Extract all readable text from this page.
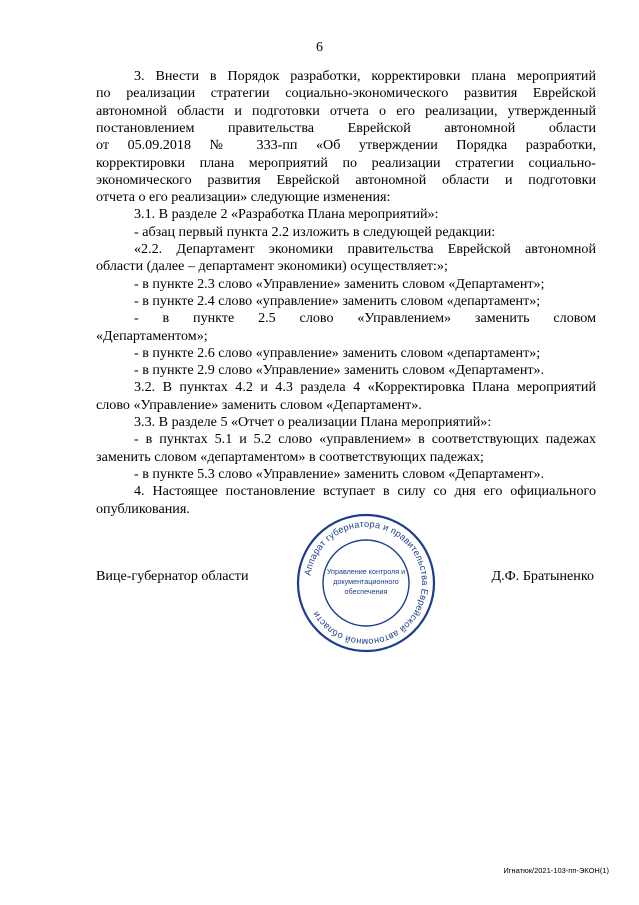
6
3. Внести в Порядок разработки, корректировки плана мероприятий
по реализации стратегии социально-экономического развития Еврейской
автономной области и подготовки отчета о его реализации, утвержденный
постановлением правительства Еврейской автономной области
от 05.09.2018 № 333-пп «Об утверждении Порядка разработки,
корректировки плана мероприятий по реализации стратегии социально-
экономического развития Еврейской автономной области и подготовки
отчета о его реализации» следующие изменения:
3.1. В разделе 2 «Разработка Плана мероприятий»:
- абзац первый пункта 2.2 изложить в следующей редакции:
«2.2. Департамент экономики правительства Еврейской автономной
области (далее – департамент экономики) осуществляет:»;
- в пункте 2.3 слово «Управление» заменить словом «Департамент»;
- в пункте 2.4 слово «управление» заменить словом «департамент»;
- в пункте 2.5 слово «Управлением» заменить словом
«Департаментом»;
- в пункте 2.6 слово «управление» заменить словом «департамент»;
- в пункте 2.9 слово «Управление» заменить словом «Департамент».
3.2. В пунктах 4.2 и 4.3 раздела 4 «Корректировка Плана мероприятий
слово «Управление» заменить словом «Департамент».
3.3. В разделе 5 «Отчет о реализации Плана мероприятий»:
- в пунктах 5.1 и 5.2 слово «управлением» в соответствующих падежах
заменить словом «департаментом» в соответствующих падежах;
- в пункте 5.3 слово «Управление» заменить словом «Департамент».
4. Настоящее постановление вступает в силу со дня его официального
опубликования.
Вице-губернатор области	Д.Ф. Братыненко
Аппарат губернатора и правительства Еврейской автономной области
Управление контроля и
документационного
обеспечения
Игнатюк/2021-103-пп-ЭКОН(1)
